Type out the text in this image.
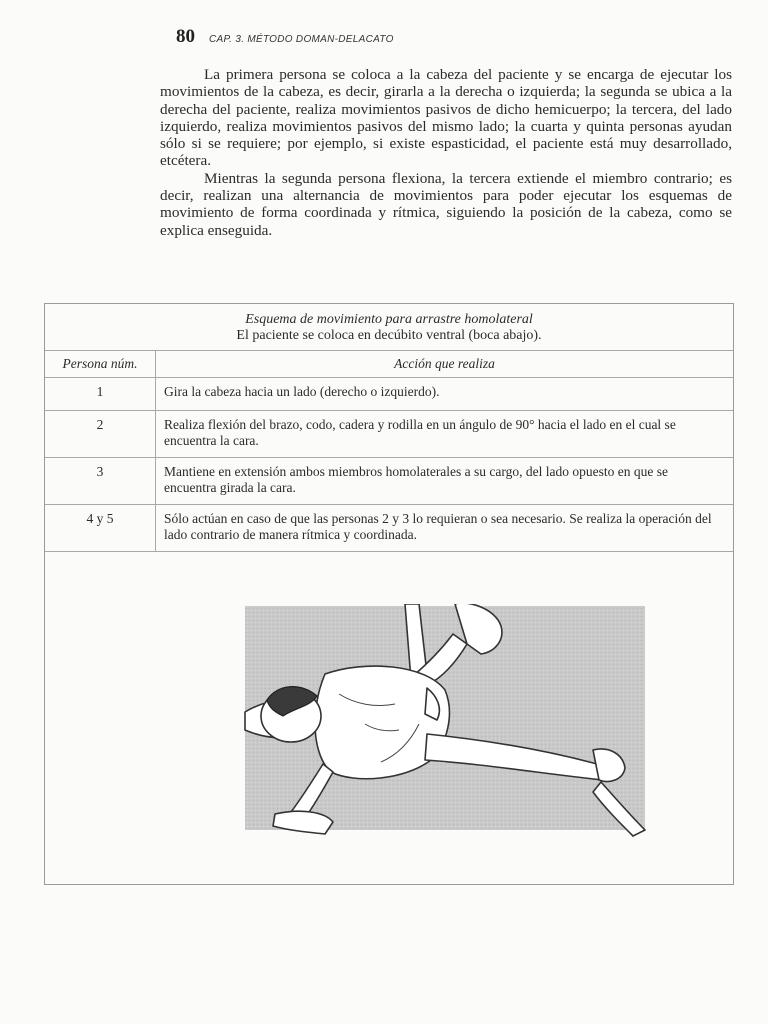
80 CAP. 3. MÉTODO DOMAN-DELACATO

La primera persona se coloca a la cabeza del paciente y se encarga de ejecutar los movimientos de la cabeza, es decir, girarla a la derecha o izquierda; la segunda se ubica a la derecha del paciente, realiza movimientos pasivos de dicho hemicuerpo; la tercera, del lado izquierdo, realiza movimientos pasivos del mismo lado; la cuarta y quinta personas ayudan sólo si se requiere; por ejemplo, si existe espasticidad, el paciente está muy desarrollado, etcétera.

Mientras la segunda persona flexiona, la tercera extiende el miembro contrario; es decir, realizan una alternancia de movimientos para poder ejecutar los esquemas de movimiento de forma coordinada y rítmica, siguiendo la posición de la cabeza, como se explica enseguida.

Esquema de movimiento para arrastre homolateral
El paciente se coloca en decúbito ventral (boca abajo).	

Persona núm.	Acción que realiza
1	Gira la cabeza hacia un lado (derecho o izquierdo).
2	Realiza flexión del brazo, codo, cadera y rodilla en un ángulo de 90° hacia el lado en el cual se encuentra la cara.
3	Mantiene en extensión ambos miembros homolaterales a su cargo, del lado opuesto en que se encuentra girada la cara.
4 y 5	Sólo actúan en caso de que las personas 2 y 3 lo requieran o sea necesario. Se realiza la operación del lado contrario de manera rítmica y coordinada.
